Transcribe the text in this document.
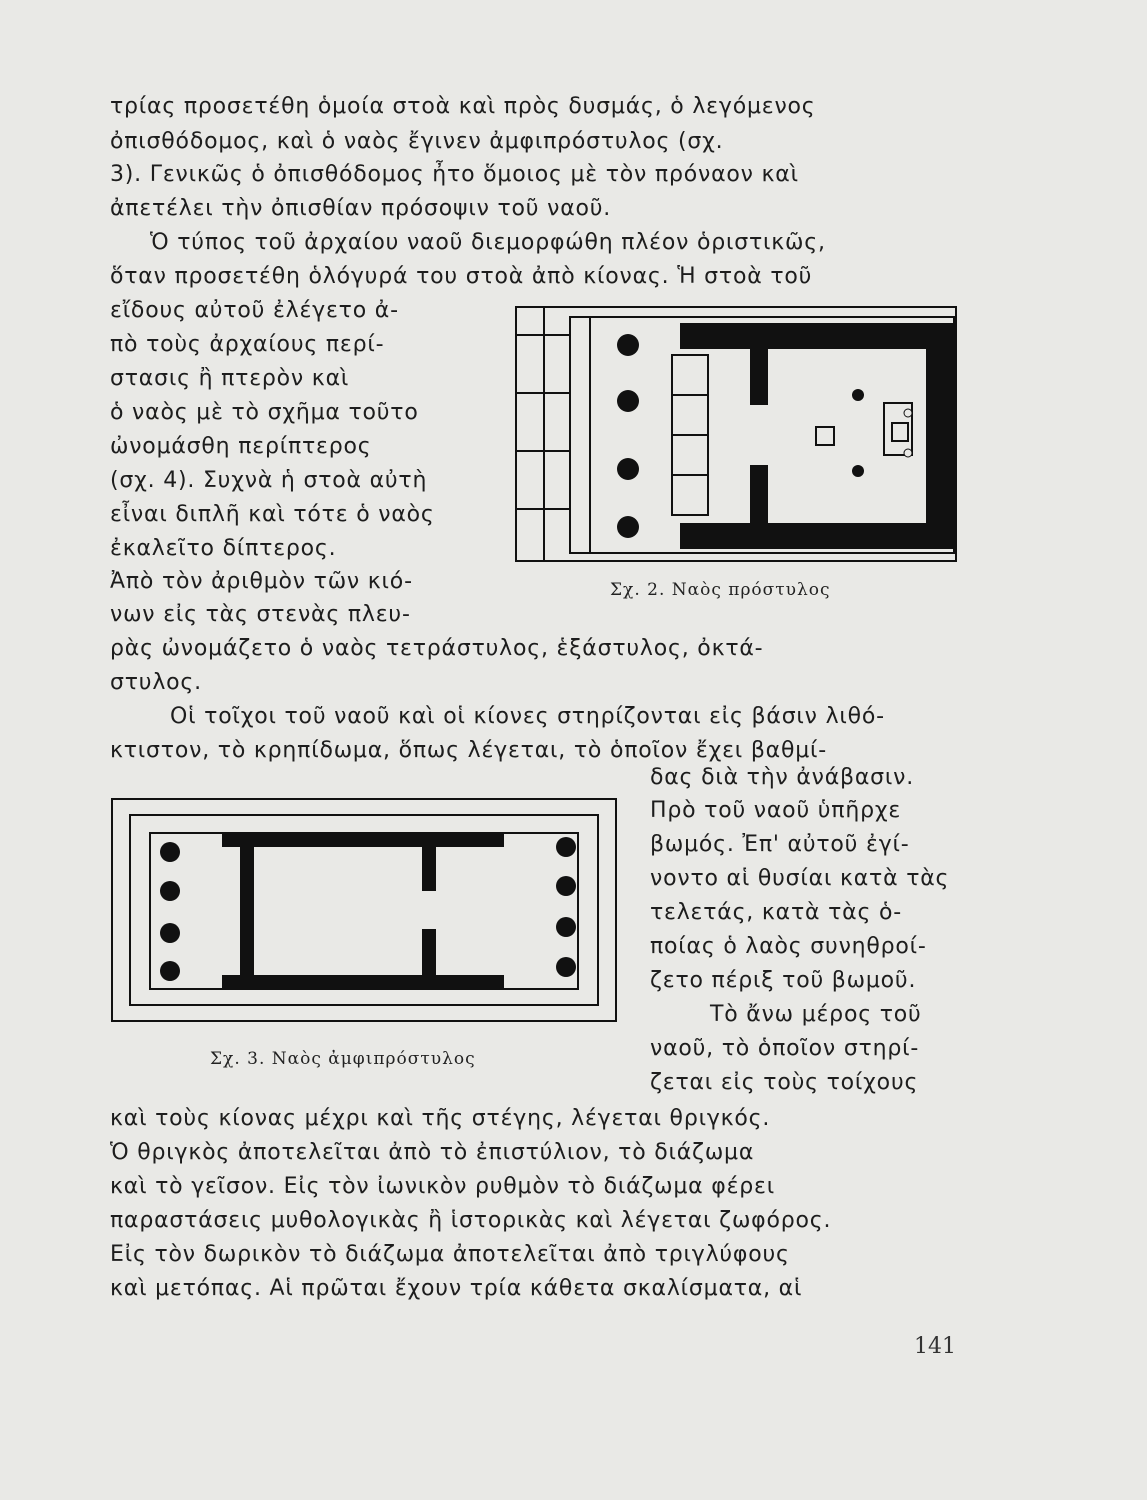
τρίας προσετέθη ὁμοία στοὰ καὶ πρὸς δυσμάς, ὁ λεγόμενος
ὀπισθόδομος, καὶ ὁ ναὸς ἔγινεν ἀμφιπρόστυλος (σχ.
3). Γενικῶς ὁ ὀπισθόδομος ἦτο ὅμοιος μὲ τὸν πρόναον καὶ
ἀπετέλει τὴν ὀπισθίαν πρόσοψιν τοῦ ναοῦ.
Ὁ τύπος τοῦ ἀρχαίου ναοῦ διεμορφώθη πλέον ὁριστικῶς,
ὅταν προσετέθη ὁλόγυρά του στοὰ ἀπὸ κίονας. Ἡ στοὰ τοῦ
εἴδους αὐτοῦ ἐλέγετο ἀ-
πὸ τοὺς ἀρχαίους περί-
στασις ἢ πτερὸν καὶ
ὁ ναὸς μὲ τὸ σχῆμα τοῦτο
ὠνομάσθη περίπτερος
(σχ. 4). Συχνὰ ἡ στοὰ αὐτὴ
εἶναι διπλῆ καὶ τότε ὁ ναὸς
ἐκαλεῖτο δίπτερος.
Ἀπὸ τὸν ἀριθμὸν τῶν κιό-
νων εἰς τὰς στενὰς πλευ-
ρὰς ὠνομάζετο ὁ ναὸς τετράστυλος, ἑξάστυλος, ὀκτά-
στυλος.
Οἱ τοῖχοι τοῦ ναοῦ καὶ οἱ κίονες στηρίζονται εἰς βάσιν λιθό-
κτιστον, τὸ κρηπίδωμα, ὅπως λέγεται, τὸ ὁποῖον ἔχει βαθμί-
δας διὰ τὴν ἀνάβασιν.
Πρὸ τοῦ ναοῦ ὑπῆρχε
βωμός. Ἐπ' αὐτοῦ ἐγί-
νοντο αἱ θυσίαι κατὰ τὰς
τελετάς, κατὰ τὰς ὁ-
ποίας ὁ λαὸς συνηθροί-
ζετο πέριξ τοῦ βωμοῦ.
Τὸ ἄνω μέρος τοῦ
ναοῦ, τὸ ὁποῖον στηρί-
ζεται εἰς τοὺς τοίχους
καὶ τοὺς κίονας μέχρι καὶ τῆς στέγης, λέγεται θριγκός.
Ὁ θριγκὸς ἀποτελεῖται ἀπὸ τὸ ἐπιστύλιον, τὸ διάζωμα
καὶ τὸ γεῖσον. Εἰς τὸν ἰωνικὸν ρυθμὸν τὸ διάζωμα φέρει
παραστάσεις μυθολογικὰς ἢ ἱστορικὰς καὶ λέγεται ζωφόρος.
Εἰς τὸν δωρικὸν τὸ διάζωμα ἀποτελεῖται ἀπὸ τριγλύφους
καὶ μετόπας. Αἱ πρῶται ἔχουν τρία κάθετα σκαλίσματα, αἱ
Σχ. 2. Ναὸς πρόστυλος
Σχ. 3. Ναὸς ἀμφιπρόστυλος
141
